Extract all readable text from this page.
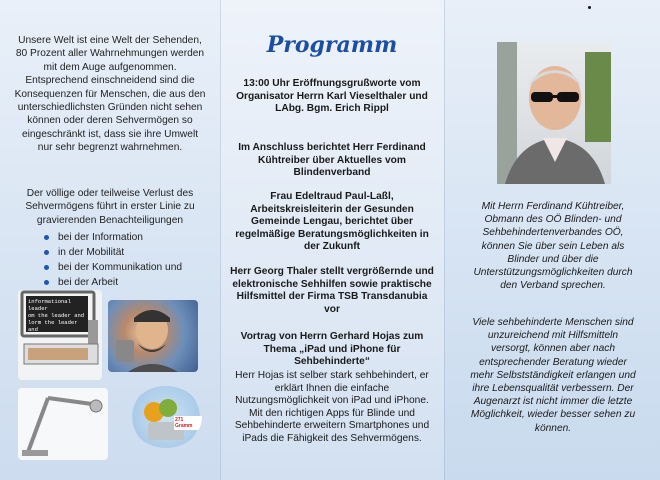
Unsere Welt ist eine Welt der Sehenden, 80 Prozent aller Wahrnehmungen werden mit dem Auge aufgenommen. Entsprechend einschneidend sind die Konsequenzen für Menschen, die aus den unterschiedlichsten Gründen nicht sehen können oder deren Sehvermögen so eingeschränkt ist, dass sie ihre Umwelt nur sehr begrenzt wahrnehmen.
Der völlige oder teilweise Verlust des Sehvermögens führt in erster Linie zu gravierenden Benachteiligungen
bei der Information
in der Mobilität
bei der Kommunikation und
bei der Arbeit
informational leader
om the leader and
lorm the leader and
nds and notices a
271 Gramm
Programm
13:00 Uhr Eröffnungsgrußworte vom Organisator Herrn Karl Vieselthaler und LAbg. Bgm. Erich Rippl
Im Anschluss berichtet Herr Ferdinand Kühtreiber über Aktuelles vom Blindenverband
Frau Edeltraud Paul-Laßl, Arbeitskreisleiterin der Gesunden Gemeinde Lengau, berichtet über regelmäßige Beratungsmöglichkeiten in der Zukunft
Herr Georg Thaler stellt vergrößernde und elektronische Sehhilfen sowie praktische Hilfsmittel der Firma TSB Transdanubia vor
Vortrag von Herrn Gerhard Hojas zum Thema „iPad und iPhone für Sehbehinderte“
Herr Hojas ist selber stark sehbehindert, er erklärt Ihnen die einfache Nutzungsmöglichkeit von iPad und iPhone. Mit den richtigen Apps für Blinde und Sehbehinderte erweitern Smartphones und iPads die Fähigkeit des Sehvermögens.
Mit Herrn Ferdinand Kühtreiber, Obmann des OÖ Blinden- und Sehbehindertenverbandes OÖ, können Sie über sein Leben als Blinder und über die Unterstützungsmöglichkeiten durch den Verband sprechen.
Viele sehbehinderte Menschen sind unzureichend mit Hilfsmitteln versorgt, können aber nach entsprechender Beratung wieder mehr Selbstständigkeit erlangen und ihre Lebensqualität verbessern. Der Augenarzt ist nicht immer die letzte Möglichkeit, wieder besser sehen zu können.
